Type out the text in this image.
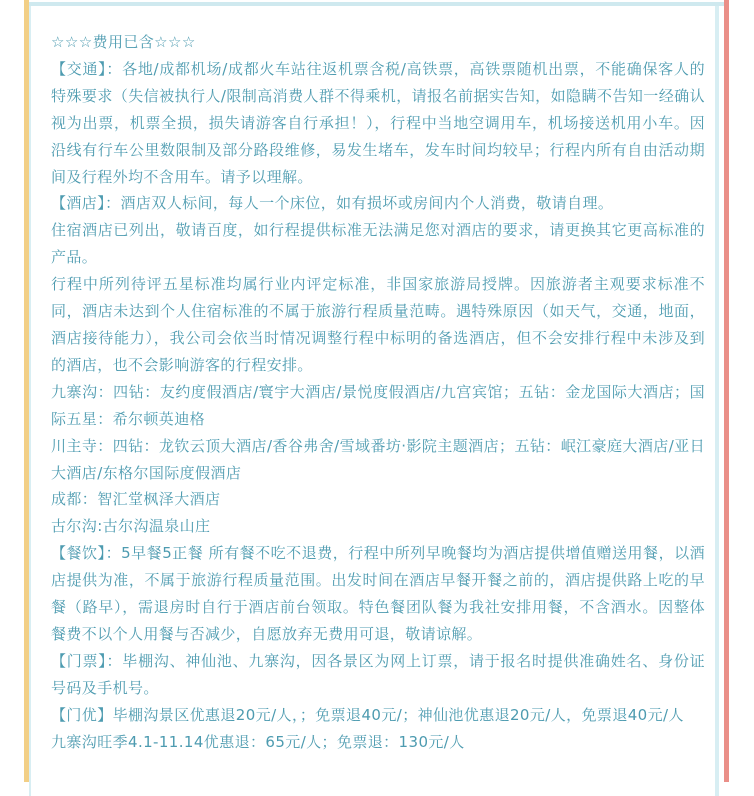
☆☆☆费用已含☆☆☆

【交通】：各地/成都机场/成都火车站往返机票含税/高铁票，高铁票随机出票，不能确保客人的特殊要求（失信被执行人/限制高消费人群不得乘机，请报名前据实告知，如隐瞒不告知一经确认视为出票，机票全损，损失请游客自行承担！），行程中当地空调用车，机场接送机用小车。因沿线有行车公里数限制及部分路段维修，易发生堵车，发车时间均较早；行程内所有自由活动期间及行程外均不含用车。请予以理解。

【酒店】：酒店双人标间，每人一个床位，如有损坏或房间内个人消费，敬请自理。

住宿酒店已列出，敬请百度，如行程提供标准无法满足您对酒店的要求，请更换其它更高标准的产品。

行程中所列待评五星标准均属行业内评定标准，非国家旅游局授牌。因旅游者主观要求标准不同，酒店未达到个人住宿标准的不属于旅游行程质量范畴。遇特殊原因（如天气，交通，地面，酒店接待能力），我公司会依当时情况调整行程中标明的备选酒店，但不会安排行程中未涉及到的酒店，也不会影响游客的行程安排。

九寨沟：四钻：友约度假酒店/寰宇大酒店/景悦度假酒店/九宫宾馆；五钻：金龙国际大酒店；国际五星：希尔顿英迪格

川主寺：四钻：龙钦云顶大酒店/香谷弗舍/雪域番坊·影院主题酒店；五钻：岷江豪庭大酒店/亚日大酒店/东格尔国际度假酒店

成都：智汇堂枫泽大酒店

古尔沟:古尔沟温泉山庄

【餐饮】：5早餐5正餐 所有餐不吃不退费，行程中所列早晚餐均为酒店提供增值赠送用餐，以酒店提供为准，不属于旅游行程质量范围。出发时间在酒店早餐开餐之前的，酒店提供路上吃的早餐（路早），需退房时自行于酒店前台领取。特色餐团队餐为我社安排用餐，不含酒水。因整体餐费不以个人用餐与否减少，自愿放弃无费用可退，敬请谅解。

【门票】：毕棚沟、神仙池、九寨沟，因各景区为网上订票，请于报名时提供准确姓名、身份证号码及手机号。

【门优】毕棚沟景区优惠退20元/人，；免票退40元/；神仙池优惠退20元/人，免票退40元/人

九寨沟旺季4.1-11.14优惠退：65元/人；免票退：130元/人
